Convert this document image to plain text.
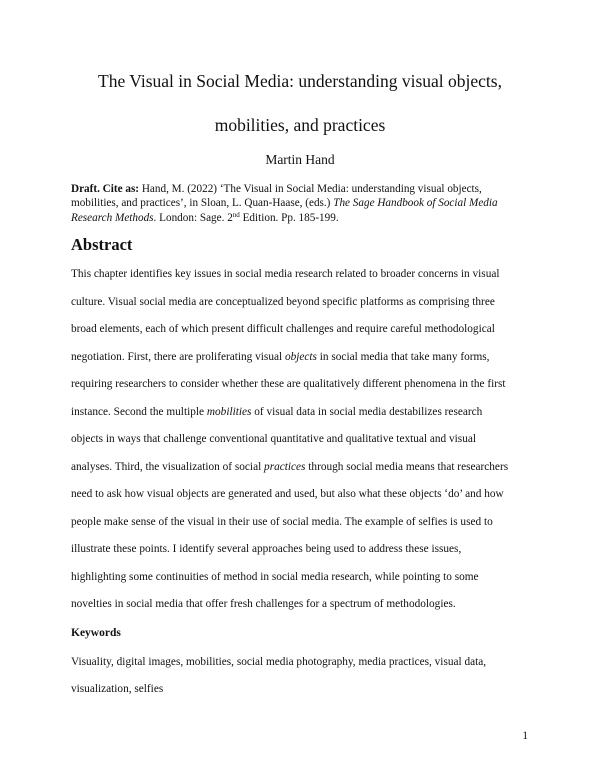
The Visual in Social Media: understanding visual objects,
mobilities, and practices
Martin Hand
Draft. Cite as: Hand, M. (2022) ‘The Visual in Social Media: understanding visual objects,
mobilities, and practices’, in Sloan, L. Quan-Haase, (eds.) The Sage Handbook of Social Media
Research Methods. London: Sage. 2nd Edition. Pp. 185-199.
Abstract
This chapter identifies key issues in social media research related to broader concerns in visual
culture. Visual social media are conceptualized beyond specific platforms as comprising three
broad elements, each of which present difficult challenges and require careful methodological
negotiation. First, there are proliferating visual objects in social media that take many forms,
requiring researchers to consider whether these are qualitatively different phenomena in the first
instance. Second the multiple mobilities of visual data in social media destabilizes research
objects in ways that challenge conventional quantitative and qualitative textual and visual
analyses. Third, the visualization of social practices through social media means that researchers
need to ask how visual objects are generated and used, but also what these objects ‘do’ and how
people make sense of the visual in their use of social media. The example of selfies is used to
illustrate these points. I identify several approaches being used to address these issues,
highlighting some continuities of method in social media research, while pointing to some
novelties in social media that offer fresh challenges for a spectrum of methodologies.
Keywords
Visuality, digital images, mobilities, social media photography, media practices, visual data,
visualization, selfies
1
